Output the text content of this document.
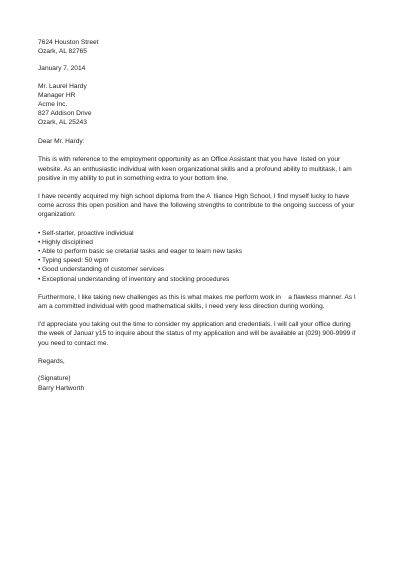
7624 Houston Street
Ozark, AL 82765
January 7, 2014
Mr. Laurel Hardy
Manager HR
Acme Inc.
827 Addison Drive
Ozark, AL 25243
Dear Mr. Hardy:
This is with reference to the employment opportunity as an Office Assistant that you have  listed on your
website. As an enthusiastic individual with keen organizational skills and a profound ability to multitask, I am
positive in my ability to put in something extra to your bottom line.
I have recently acquired my high school diploma from the A  lliance High School, I find myself lucky to have
come across this open position and have the following strengths to contribute to the ongoing success of your
organization:
• Self-starter, proactive individual
• Highly disciplined
• Able to perform basic se cretarial tasks and eager to learn new tasks
• Typing speed: 50 wpm
• Good understanding of customer services
• Exceptional understanding of inventory and stocking procedures
Furthermore, I like taking new challenges as this is what makes me perform work in    a flawless manner. As I
am a committed individual with good mathematical skills, I need very less direction during working.
I'd appreciate you taking out the time to consider my application and credentials. I will call your office during
the week of Januar y15 to inquire about the status of my application and will be available at (029) 900-9999 if
you need to contact me.
Regards,
(Signature)
Barry Hartworth
